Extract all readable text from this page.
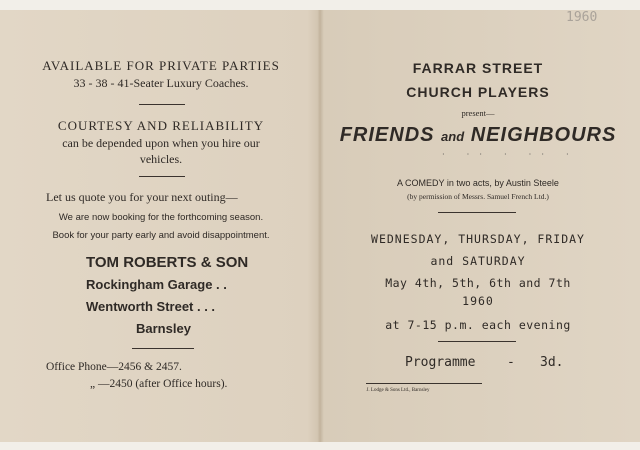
AVAILABLE FOR PRIVATE PARTIES
33 - 38 - 41-Seater Luxury Coaches.
COURTESY AND RELIABILITY
can be depended upon when you hire our
vehicles.
Let us quote you for your next outing—
We are now booking for the forthcoming season.
Book for your party early and avoid disappointment.
TOM ROBERTS & SON
Rockingham Garage . .
Wentworth Street . . .
Barnsley
Office Phone—2456 & 2457.
„ —2450 (after Office hours).
1960
FARRAR STREET
CHURCH PLAYERS
present—
FRIENDS and NEIGHBOURS
· ·· · ·· ·
A COMEDY in two acts, by Austin Steele
(by permission of Messrs. Samuel French Ltd.)
WEDNESDAY, THURSDAY, FRIDAY
and SATURDAY
May 4th, 5th, 6th and 7th
1960
at 7-15 p.m. each evening
Programme	-	3d.
J. Lodge & Sons Ltd., Barnsley
